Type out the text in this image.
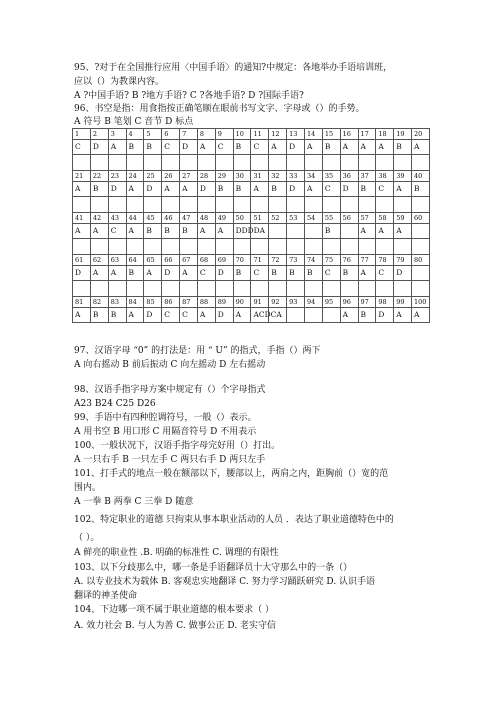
95、?对于在全国推行应用〈中国手语〉的通知?中规定：各地举办手语培训班，
应以（）为教课内容。
A ?中国手语? B ?地方手语? C ?各地手语? D ?国际手语?
96、书空是指：用食指按正确笔顺在眼前书写文字、字母或（）的手势。
A 符号 B 笔划 C 音节 D 标点
1	2	3	4	5	6	7	8	9	10	11	12	13	14	15	16	17	18	19	20
C	D	A	B	B	C	D	A	C	B	C	A	D	A	B	A	A	A	B	A

21	22	23	24	25	26	27	28	29	30	31	32	33	34	35	36	37	38	39	40
A	B	D	A	D	A	A	D	B	B	A	B	D	A	C	D	B	C	A	B

41	42	43	44	45	46	47	48	49	50	51	52	53	54	55	56	57	58	59	60
A	A	C	A	B	B	B	A	A	DDDDA					B		A	A	A	

61	62	63	64	65	66	67	68	69	70	71	72	73	74	75	76	77	78	79	80
D	A	A	B	A	D	A	C	D	B	C	B	B	B	C	B	A	C	D	

81	82	83	84	85	86	87	88	89	90	91	92	93	94	95	96	97	98	99	100
A	B	B	A	D	C	C	A	D	A	ACDCA					A	B	D	A	A
97、汉语字母 “0” 的打法是：用 “ U” 的指式，手指（）两下
A 向右摇动 B 前后振动 C 向左摇动 D 左右摇动
98、汉语手指字母方案中规定有（）个字母指式
A23 B24 C25 D26
99、手语中有四种腔调符号，一般（）表示。
A 用书空 B 用口形 C 用隔音符号 D 不用表示
100、一般状况下，汉语手指字母完好用（）打出。
A 一只右手 B 一只左手 C 两只右手 D 两只左手
101、打手式的地点一般在额部以下，腰部以上，两肩之内，距胸前（）宽的范
围内。
A 一拳 B 两拳 C 三拳 D 随意
102、特定职业的道德 只拘束从事本职业活动的人员 ．表达了职业道德特色中的
（ ）。
A 鲜亮的职业性 .B. 明确的标准性 C. 调理的有限性
103、以下分歧那么中，哪一条是手语翻译员十大守那么中的一条（）
A. 以专业技术为载体 B. 客观忠实地翻译 C. 努力学习踊跃研究 D. 认识手语
翻译的神圣使命
104、下边哪一项不属于职业道德的根本要求（ ）
A. 效力社会 B. 与人为善 C. 做事公正 D. 老实守信
